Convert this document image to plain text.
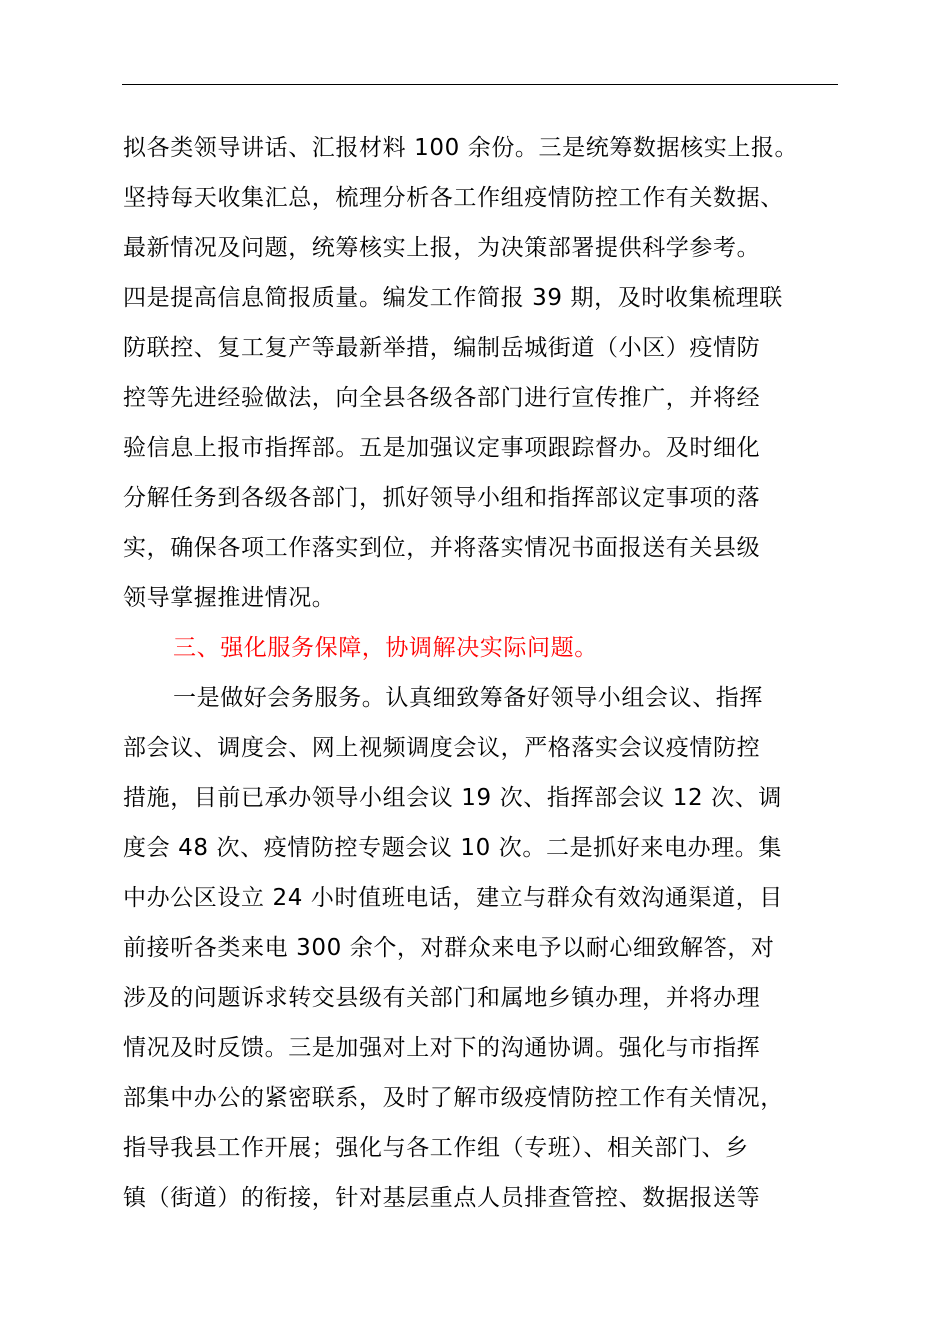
拟各类领导讲话、汇报材料 100 余份。三是统筹数据核实上报。
坚持每天收集汇总，梳理分析各工作组疫情防控工作有关数据、
最新情况及问题，统筹核实上报，为决策部署提供科学参考。
四是提高信息简报质量。编发工作简报 39 期，及时收集梳理联
防联控、复工复产等最新举措，编制岳城街道（小区）疫情防
控等先进经验做法，向全县各级各部门进行宣传推广，并将经
验信息上报市指挥部。五是加强议定事项跟踪督办。及时细化
分解任务到各级各部门，抓好领导小组和指挥部议定事项的落
实，确保各项工作落实到位，并将落实情况书面报送有关县级
领导掌握推进情况。
三、强化服务保障，协调解决实际问题。
一是做好会务服务。认真细致筹备好领导小组会议、指挥
部会议、调度会、网上视频调度会议，严格落实会议疫情防控
措施，目前已承办领导小组会议 19 次、指挥部会议 12 次、调
度会 48 次、疫情防控专题会议 10 次。二是抓好来电办理。集
中办公区设立 24 小时值班电话，建立与群众有效沟通渠道，目
前接听各类来电 300 余个，对群众来电予以耐心细致解答，对
涉及的问题诉求转交县级有关部门和属地乡镇办理，并将办理
情况及时反馈。三是加强对上对下的沟通协调。强化与市指挥
部集中办公的紧密联系，及时了解市级疫情防控工作有关情况，
指导我县工作开展；强化与各工作组（专班）、相关部门、乡
镇（街道）的衔接，针对基层重点人员排查管控、数据报送等
